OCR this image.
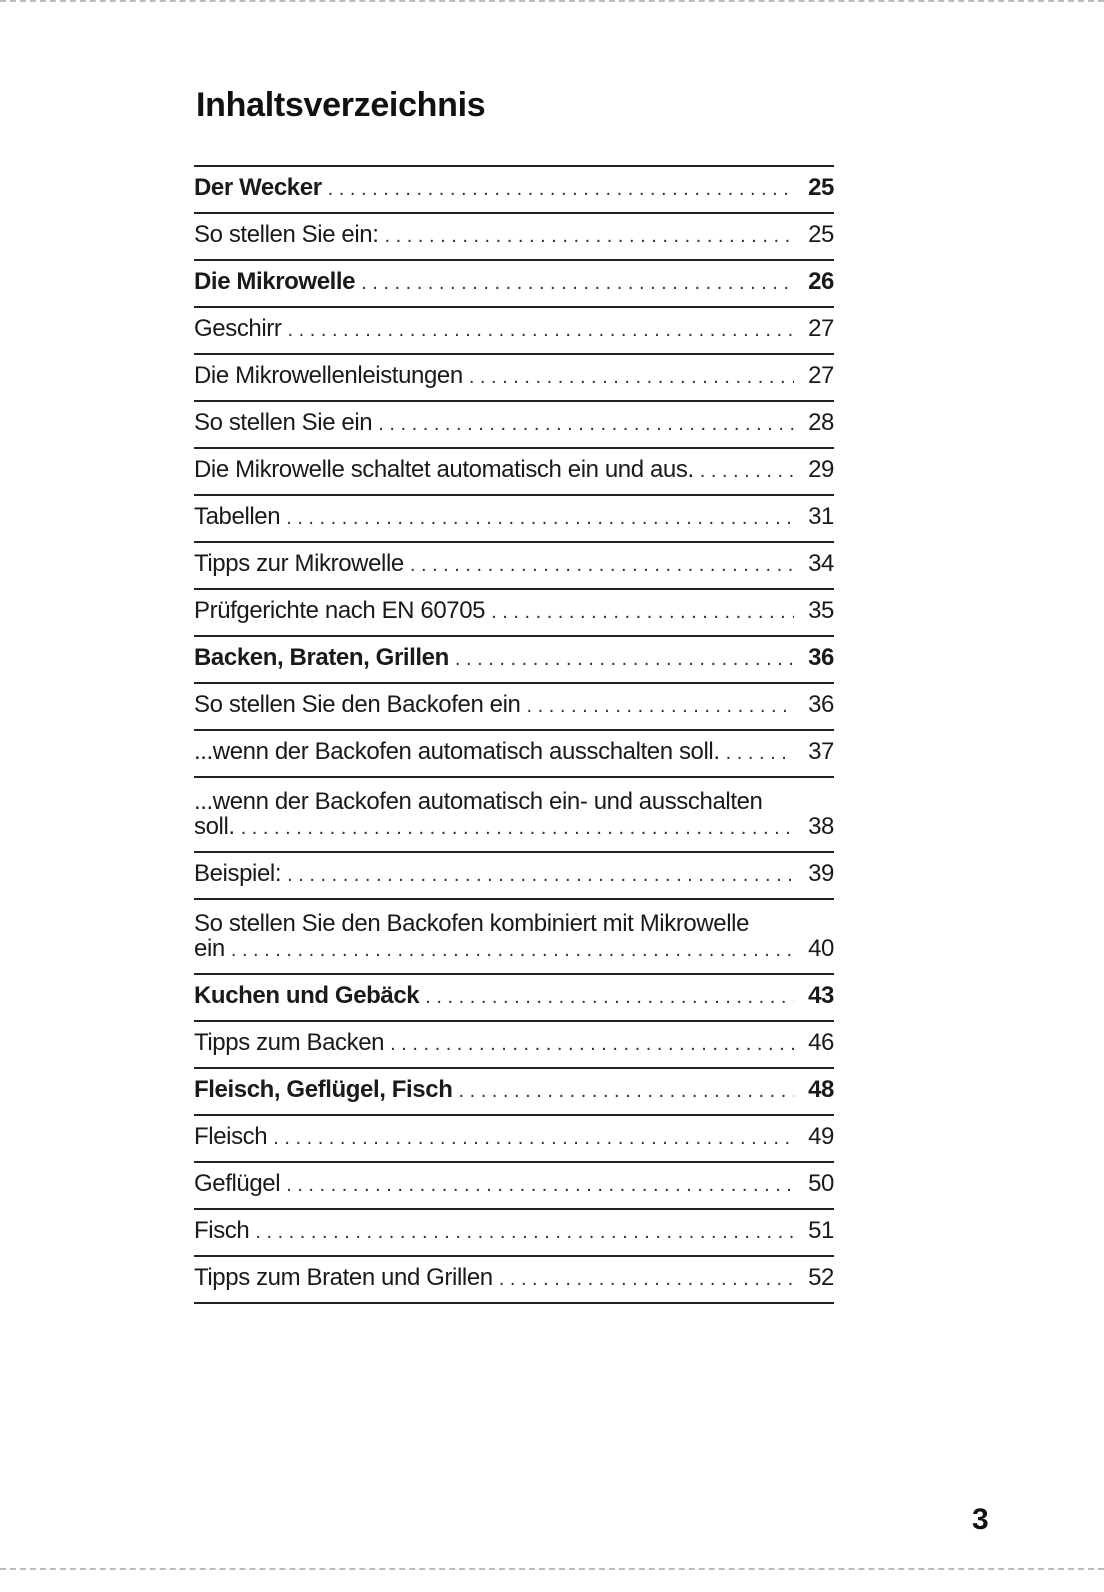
Inhaltsverzeichnis
Der Wecker . . .	25
So stellen Sie ein: . . .	25
Die Mikrowelle . . .	26
Geschirr . . .	27
Die Mikrowellenleistungen . . .	27
So stellen Sie ein . . .	28
Die Mikrowelle schaltet automatisch ein und aus. . . .	29
Tabellen . . .	31
Tipps zur Mikrowelle . . .	34
Prüfgerichte nach EN 60705 . . .	35
Backen, Braten, Grillen . . .	36
So stellen Sie den Backofen ein . . .	36
...wenn der Backofen automatisch ausschalten soll. . . .	37
...wenn der Backofen automatisch ein- und ausschalten
soll. . . .	38
Beispiel: . . .	39
So stellen Sie den Backofen kombiniert mit Mikrowelle
ein . . .	40
Kuchen und Gebäck . . .	43
Tipps zum Backen . . .	46
Fleisch, Geflügel, Fisch . . .	48
Fleisch . . .	49
Geflügel . . .	50
Fisch . . .	51
Tipps zum Braten und Grillen . . .	52
3
